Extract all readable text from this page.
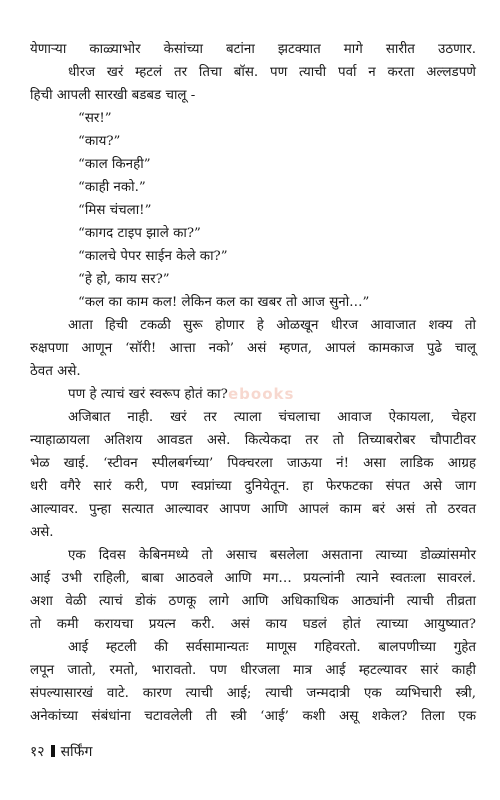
ebooks
येणाऱ्या काळ्याभोर केसांच्या बटांना झटक्यात मागे सारीत उठणार.
धीरज खरं म्हटलं तर तिचा बॉस. पण त्याची पर्वा न करता अल्लडपणे
हिची आपली सारखी बडबड चालू -
“सर!”
“काय?”
“काल किनही”
“काही नको.”
“मिस चंचला!”
“कागद टाइप झाले का?”
“कालचे पेपर साईन केले का?”
“हे हो, काय सर?”
“कल का काम कल! लेकिन कल का खबर तो आज सुनो…”
आता हिची टकळी सुरू होणार हे ओळखून धीरज आवाजात शक्य तो
रुक्षपणा आणून ‘सॉरी! आत्ता नको’ असं म्हणत, आपलं कामकाज पुढे चालू
ठेवत असे.
पण हे त्याचं खरं स्वरूप होतं का?
अजिबात नाही. खरं तर त्याला चंचलाचा आवाज ऐकायला, चेहरा
न्याहाळायला अतिशय आवडत असे. कित्येकदा तर तो तिच्याबरोबर चौपाटीवर
भेळ खाई. ‘स्टीवन स्पीलबर्गच्या’ पिक्चरला जाऊया नं! असा लाडिक आग्रह
धरी वगैरे सारं करी, पण स्वप्नांच्या दुनियेतून. हा फेरफटका संपत असे जाग
आल्यावर. पुन्हा सत्यात आल्यावर आपण आणि आपलं काम बरं असं तो ठरवत
असे.
एक दिवस केबिनमध्ये तो असाच बसलेला असताना त्याच्या डोळ्यांसमोर
आई उभी राहिली, बाबा आठवले आणि मग… प्रयत्नांनी त्याने स्वतःला सावरलं.
अशा वेळी त्याचं डोकं ठणकू लागे आणि अधिकाधिक आठ्यांनी त्याची तीव्रता
तो कमी करायचा प्रयत्न करी. असं काय घडलं होतं त्याच्या आयुष्यात?
आई म्हटली की सर्वसामान्यतः माणूस गहिवरतो. बालपणीच्या गुहेत
लपून जातो, रमतो, भारावतो. पण धीरजला मात्र आई म्हटल्यावर सारं काही
संपल्यासारखं वाटे. कारण त्याची आई; त्याची जन्मदात्री एक व्यभिचारी स्त्री,
अनेकांच्या संबंधांना चटावलेली ती स्त्री ‘आई’ कशी असू शकेल? तिला एक
१२ सर्फिंग
